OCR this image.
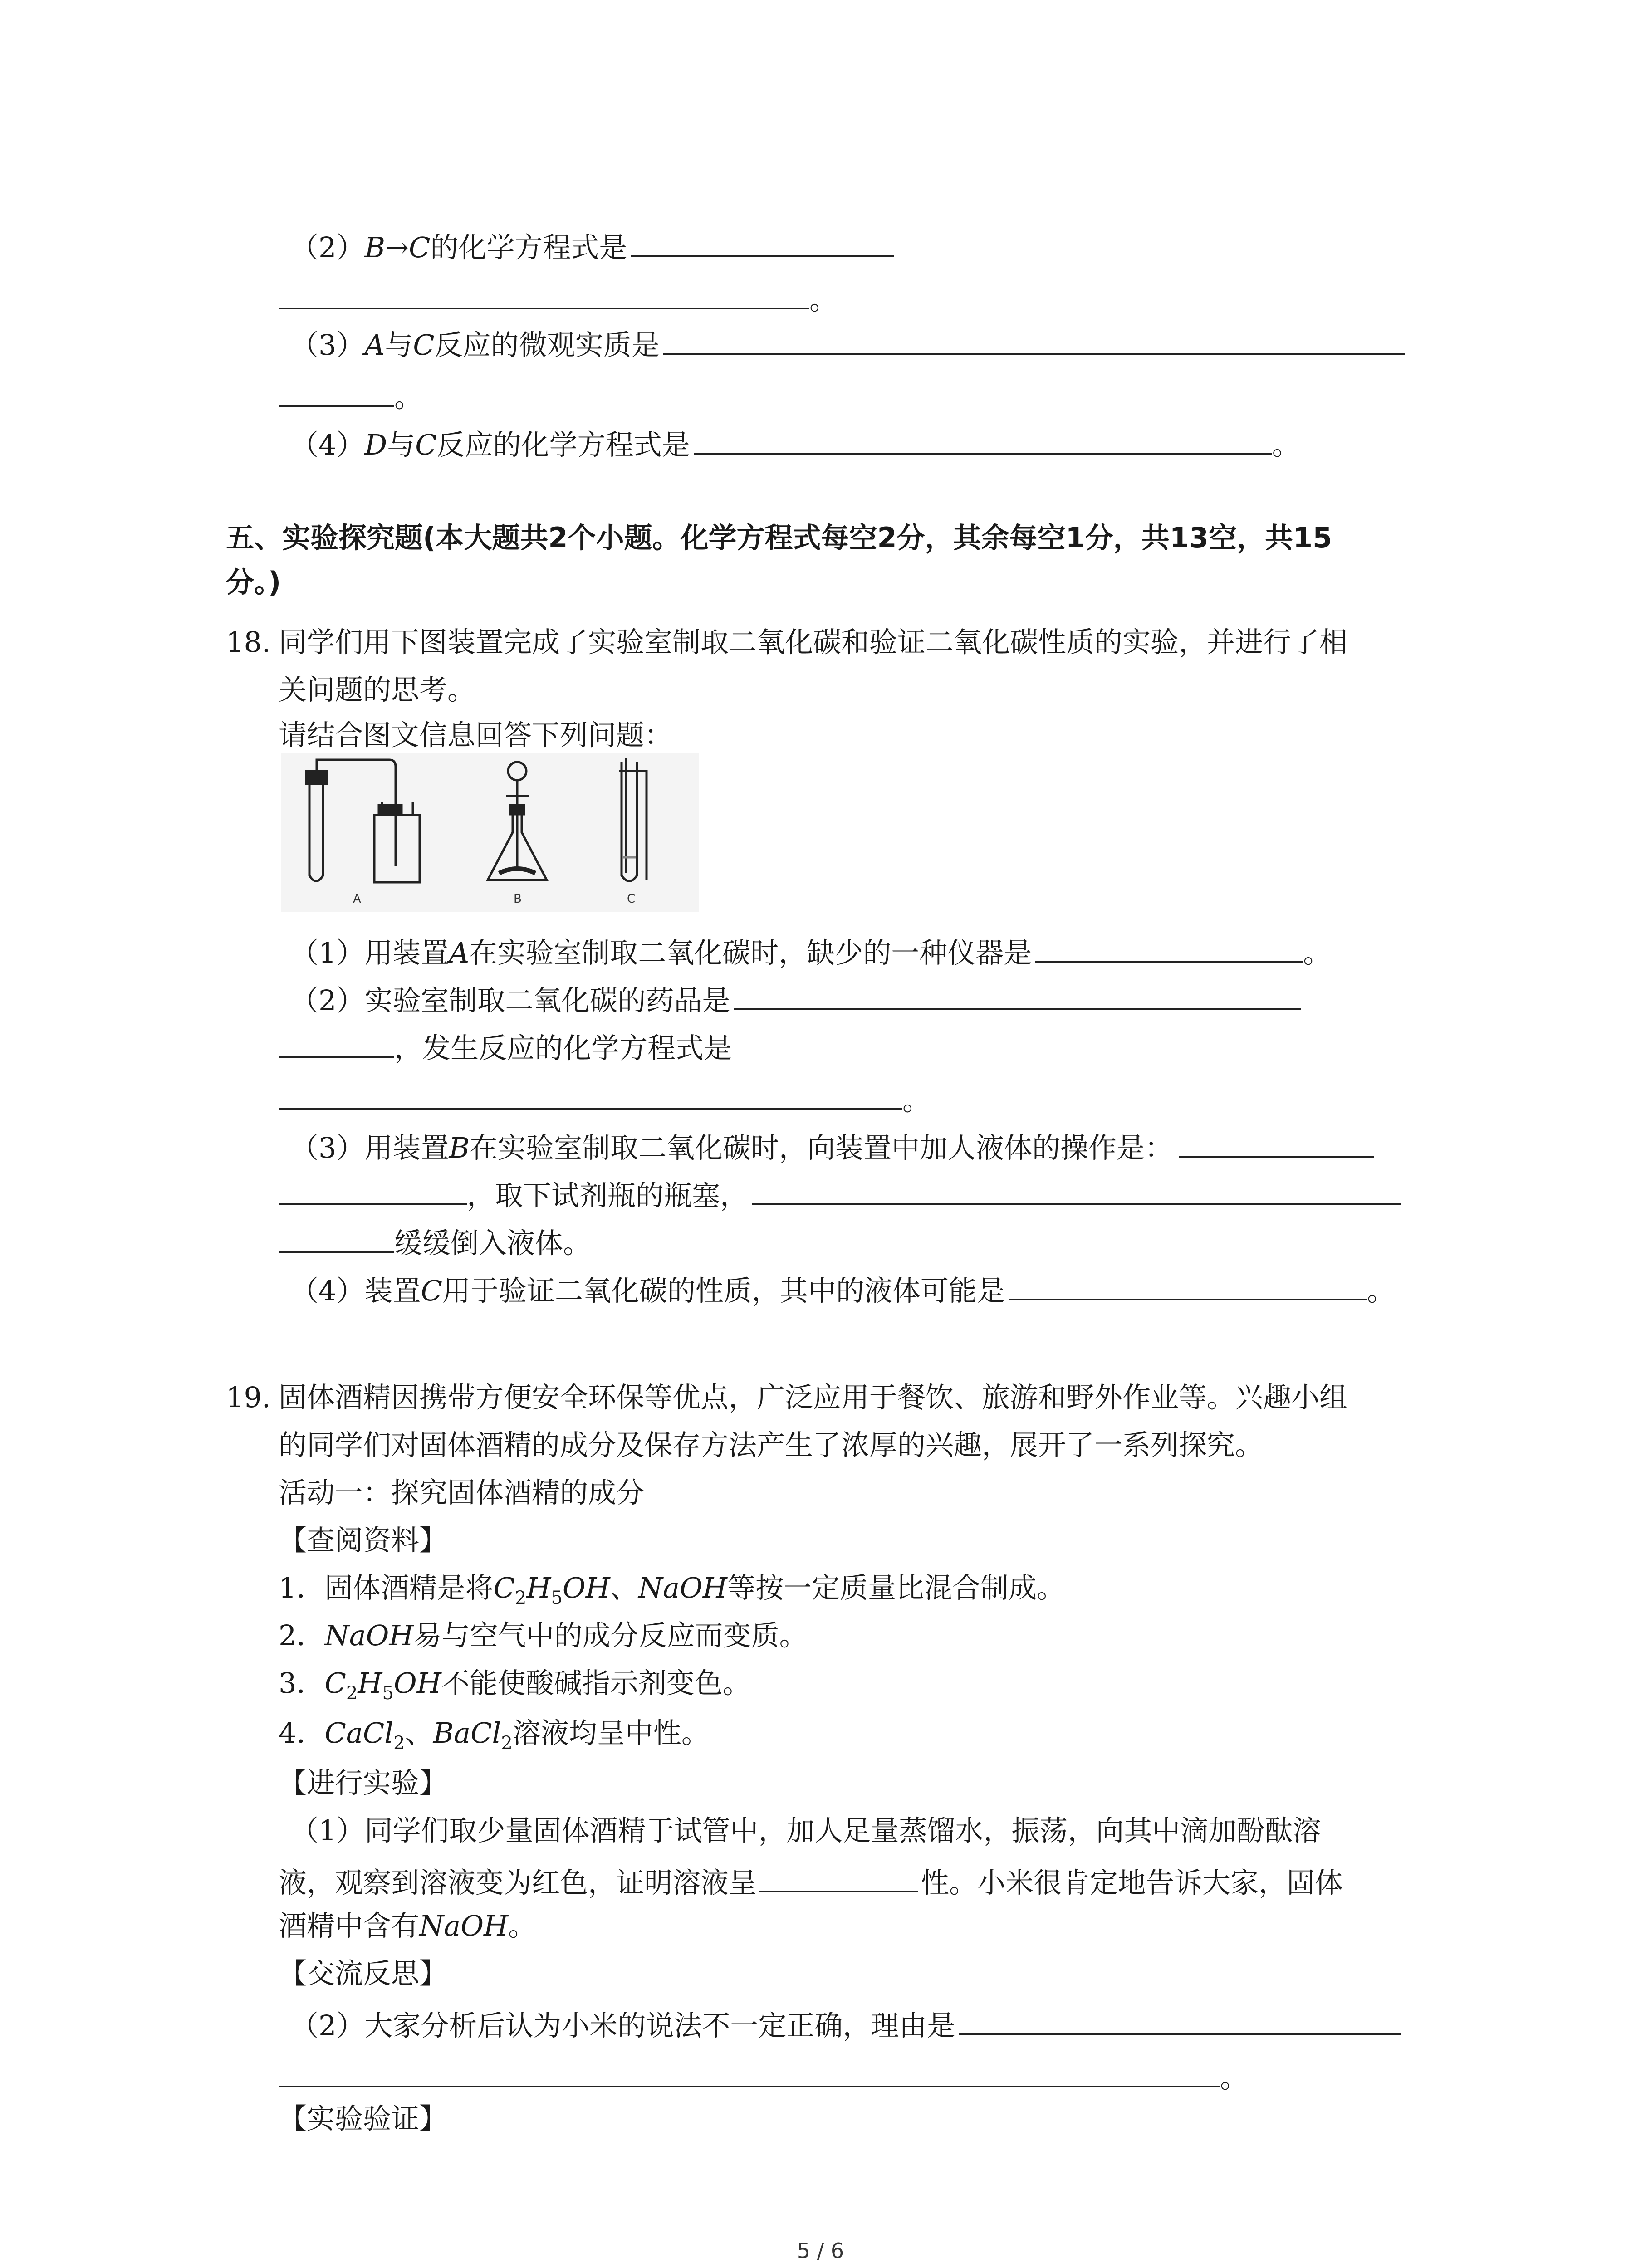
（2）B→C的化学方程式是
。
（3）A与C反应的微观实质是
。
（4）D与C反应的化学方程式是	。
五、实验探究题(本大题共2个小题。化学方程式每空2分，其余每空1分，共13空，共15
分。)
18. 同学们用下图装置完成了实验室制取二氧化碳和验证二氧化碳性质的实验，并进行了相
关问题的思考。
请结合图文信息回答下列问题：
A	B	C
（1）用装置A在实验室制取二氧化碳时，缺少的一种仪器是	。
（2）实验室制取二氧化碳的药品是
，发生反应的化学方程式是
。
（3）用装置B在实验室制取二氧化碳时，向装置中加人液体的操作是：
，取下试剂瓶的瓶塞，
缓缓倒入液体。
（4）装置C用于验证二氧化碳的性质，其中的液体可能是	。
19. 固体酒精因携带方便安全环保等优点，广泛应用于餐饮、旅游和野外作业等。兴趣小组
的同学们对固体酒精的成分及保存方法产生了浓厚的兴趣，展开了一系列探究。
活动一：探究固体酒精的成分
【查阅资料】
1．固体酒精是将$C_2H_5OH$、NaOH等按一定质量比混合制成。
2．NaOH易与空气中的成分反应而变质。
3．$C_2H_5OH$不能使酸碱指示剂变色。
4．CaCl$_2$、BaCl$_2$溶液均呈中性。
【进行实验】
（1）同学们取少量固体酒精于试管中，加人足量蒸馏水，振荡，向其中滴加酚酞溶
液，观察到溶液变为红色，证明溶液呈	性。小米很肯定地告诉大家，固体
酒精中含有NaOH。
【交流反思】
（2）大家分析后认为小米的说法不一定正确，理由是
。
【实验验证】
5 / 6
